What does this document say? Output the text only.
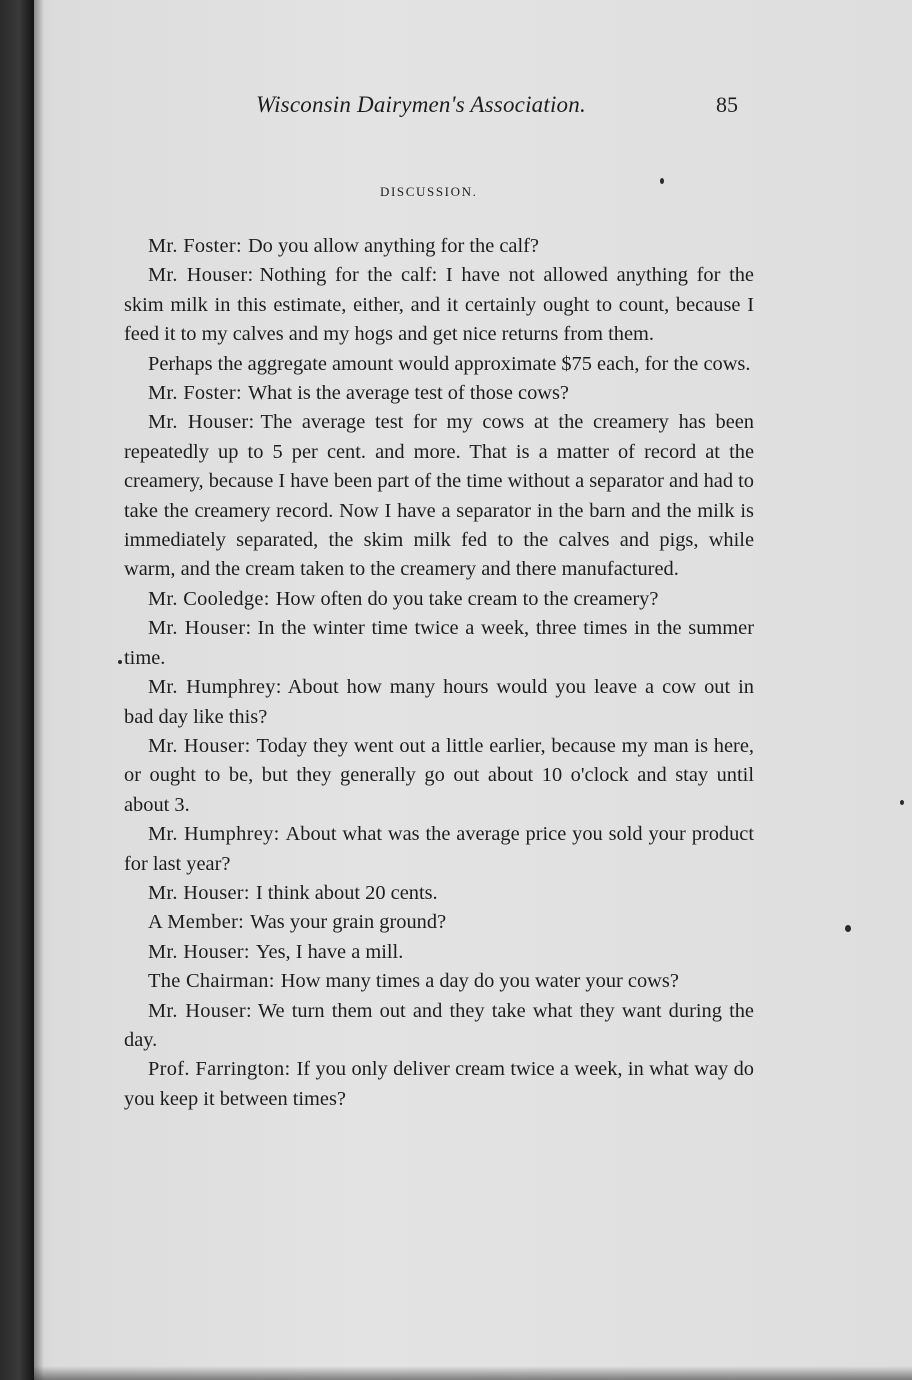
Wisconsin Dairymen's Association.	85
DISCUSSION.

Mr. Foster: Do you allow anything for the calf?

Mr. Houser: Nothing for the calf: I have not allowed anything for the skim milk in this estimate, either, and it certainly ought to count, because I feed it to my calves and my hogs and get nice returns from them.

Perhaps the aggregate amount would approximate $75 each, for the cows.

Mr. Foster: What is the average test of those cows?

Mr. Houser: The average test for my cows at the creamery has been repeatedly up to 5 per cent. and more. That is a matter of record at the creamery, because I have been part of the time without a separator and had to take the creamery record. Now I have a separator in the barn and the milk is immediately separated, the skim milk fed to the calves and pigs, while warm, and the cream taken to the creamery and there manufactured.

Mr. Cooledge: How often do you take cream to the creamery?

Mr. Houser: In the winter time twice a week, three times in the summer time.

Mr. Humphrey: About how many hours would you leave a cow out in bad day like this?

Mr. Houser: Today they went out a little earlier, because my man is here, or ought to be, but they generally go out about 10 o'clock and stay until about 3.

Mr. Humphrey: About what was the average price you sold your product for last year?

Mr. Houser: I think about 20 cents.

A Member: Was your grain ground?

Mr. Houser: Yes, I have a mill.

The Chairman: How many times a day do you water your cows?

Mr. Houser: We turn them out and they take what they want during the day.

Prof. Farrington: If you only deliver cream twice a week, in what way do you keep it between times?
